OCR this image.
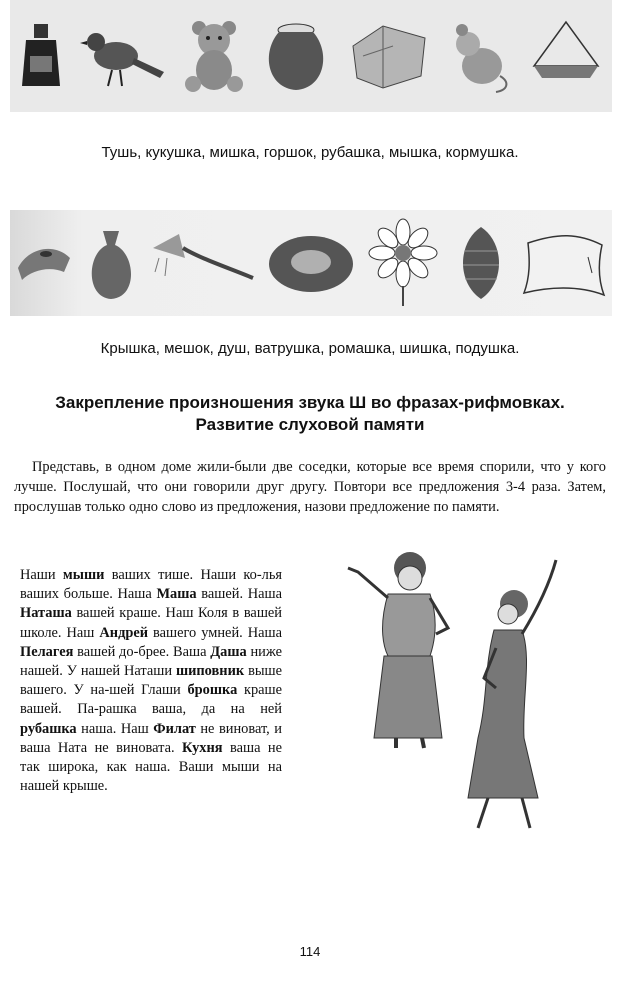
Тушь, кукушка, мишка, горшок, рубашка, мышка, кормушка.
Крышка, мешок, душ, ватрушка, ромашка, шишка, подушка.
Закрепление произношения звука Ш во фразах-рифмовках.
Развитие слуховой памяти

Представь, в одном доме жили-были две соседки, которые все время спорили, что у кого лучше. Послушай, что они говорили друг другу. Повтори все предложения 3-4 раза. Затем, прослушав только одно слово из предложения, назови предложение по памяти.

Наши мыши ваших тише. Наши ко-лья ваших больше. Наша Маша вашей. Наша Наташа вашей краше. Наш Коля в вашей школе. Наш Андрей вашего умней. Наша Пелагея вашей до-брее. Ваша Даша ниже нашей. У нашей Наташи шиповник выше вашего. У на-шей Глаши брошка краше вашей. Па-рашка ваша, да на ней рубашка наша. Наш Филат не виноват, и ваша Ната не виновата. Кухня ваша не так широка, как наша. Ваши мыши на нашей крыше.

114
